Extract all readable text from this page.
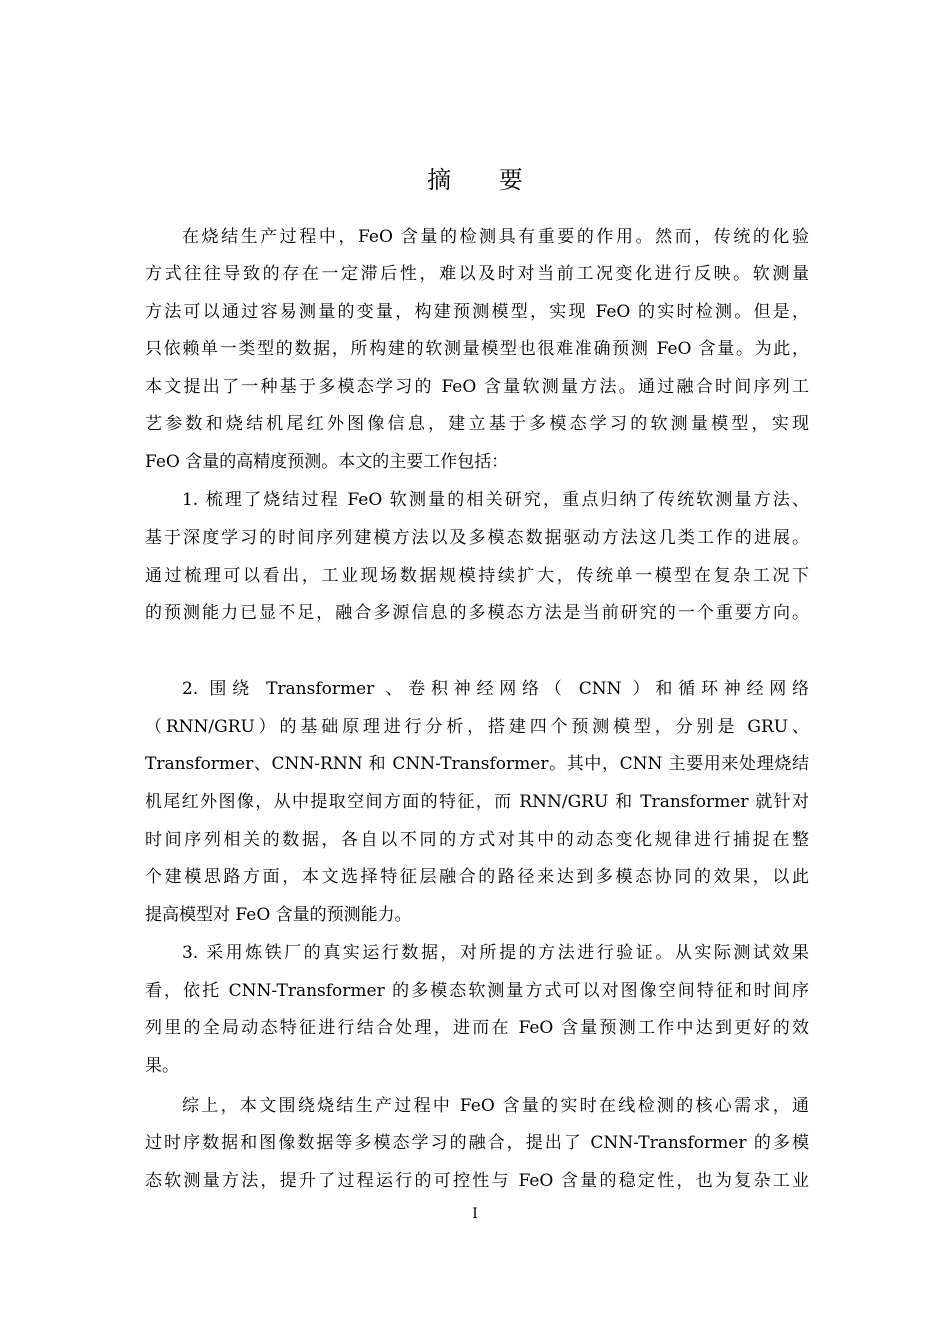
摘 要
在烧结生产过程中，FeO 含量的检测具有重要的作用。然而，传统的化验
方式往往导致的存在一定滞后性，难以及时对当前工况变化进行反映。软测量
方法可以通过容易测量的变量，构建预测模型，实现 FeO 的实时检测。但是，
只依赖单一类型的数据，所构建的软测量模型也很难准确预测 FeO 含量。为此，
本文提出了一种基于多模态学习的 FeO 含量软测量方法。通过融合时间序列工
艺参数和烧结机尾红外图像信息，建立基于多模态学习的软测量模型，实现
FeO 含量的高精度预测。本文的主要工作包括：
1. 梳理了烧结过程 FeO 软测量的相关研究，重点归纳了传统软测量方法、
基于深度学习的时间序列建模方法以及多模态数据驱动方法这几类工作的进展。
通过梳理可以看出，工业现场数据规模持续扩大，传统单一模型在复杂工况下
的预测能力已显不足，融合多源信息的多模态方法是当前研究的一个重要方向。
2. 围绕 Transformer 、卷积神经网络（ CNN ）和循环神经网络
（RNN/GRU）的基础原理进行分析，搭建四个预测模型，分别是 GRU、
Transformer、CNN-RNN 和 CNN-Transformer。其中，CNN 主要用来处理烧结
机尾红外图像，从中提取空间方面的特征，而 RNN/GRU 和 Transformer 就针对
时间序列相关的数据，各自以不同的方式对其中的动态变化规律进行捕捉在整
个建模思路方面，本文选择特征层融合的路径来达到多模态协同的效果，以此
提高模型对 FeO 含量的预测能力。
3. 采用炼铁厂的真实运行数据，对所提的方法进行验证。从实际测试效果
看，依托 CNN-Transformer 的多模态软测量方式可以对图像空间特征和时间序
列里的全局动态特征进行结合处理，进而在 FeO 含量预测工作中达到更好的效
果。
综上，本文围绕烧结生产过程中 FeO 含量的实时在线检测的核心需求，通
过时序数据和图像数据等多模态学习的融合，提出了 CNN-Transformer 的多模
态软测量方法，提升了过程运行的可控性与 FeO 含量的稳定性，也为复杂工业
I
